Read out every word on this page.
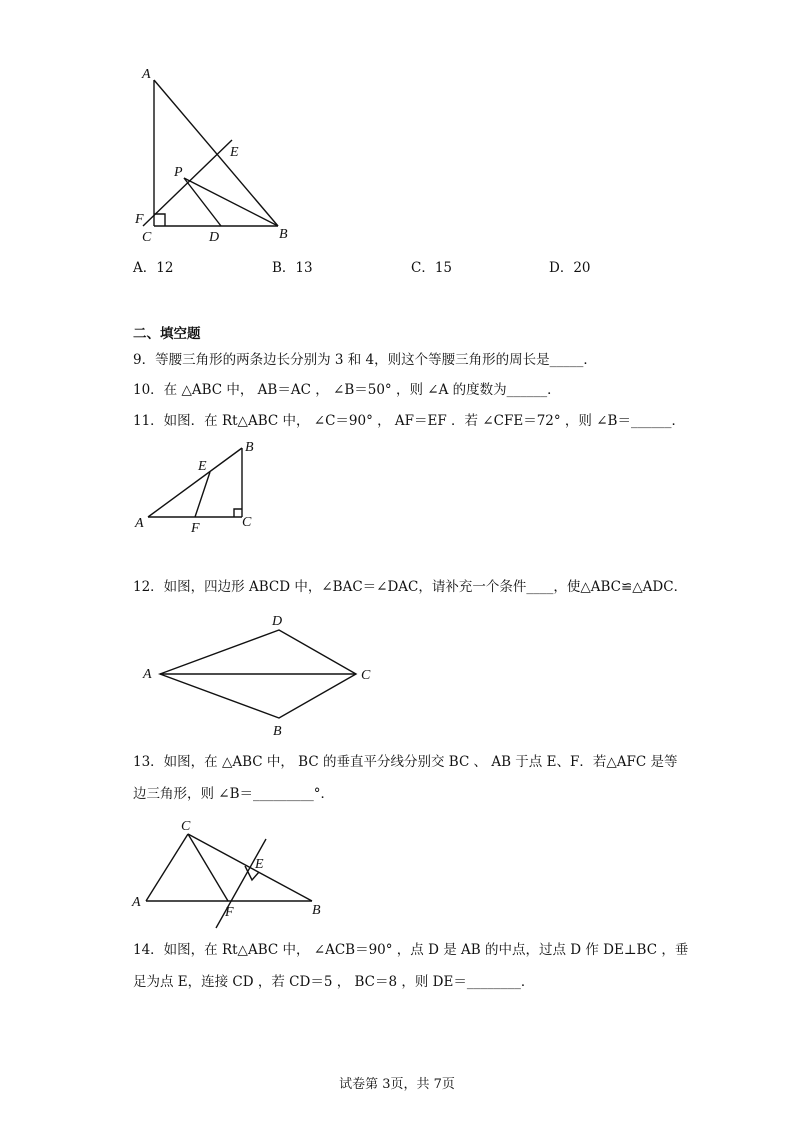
A
E
P
F
C	D	B
A．12	B．13	C．15	D．20
二、填空题
9．等腰三角形的两条边长分别为 3 和 4，则这个等腰三角形的周长是_____．
10．在 △ABC 中， AB＝AC ， ∠B＝50° ，则 ∠A 的度数为______．
11．如图．在 Rt△ABC 中， ∠C＝90° ， AF＝EF ．若 ∠CFE＝72° ，则 ∠B＝______．
B
E
A	F	C
12．如图，四边形 ABCD 中，∠BAC＝∠DAC，请补充一个条件____，使△ABC≌△ADC．
D
A	C
B
13．如图，在 △ABC 中， BC 的垂直平分线分别交 BC 、 AB 于点 E、F．若△AFC 是等
边三角形，则 ∠B＝_________°．
C
E
A
F	B
14．如图，在 Rt△ABC 中， ∠ACB＝90° ，点 D 是 AB 的中点，过点 D 作 DE⊥BC ，垂
足为点 E，连接 CD ，若 CD＝5 ， BC＝8 ，则 DE＝________．
试卷第 3页，共 7页
